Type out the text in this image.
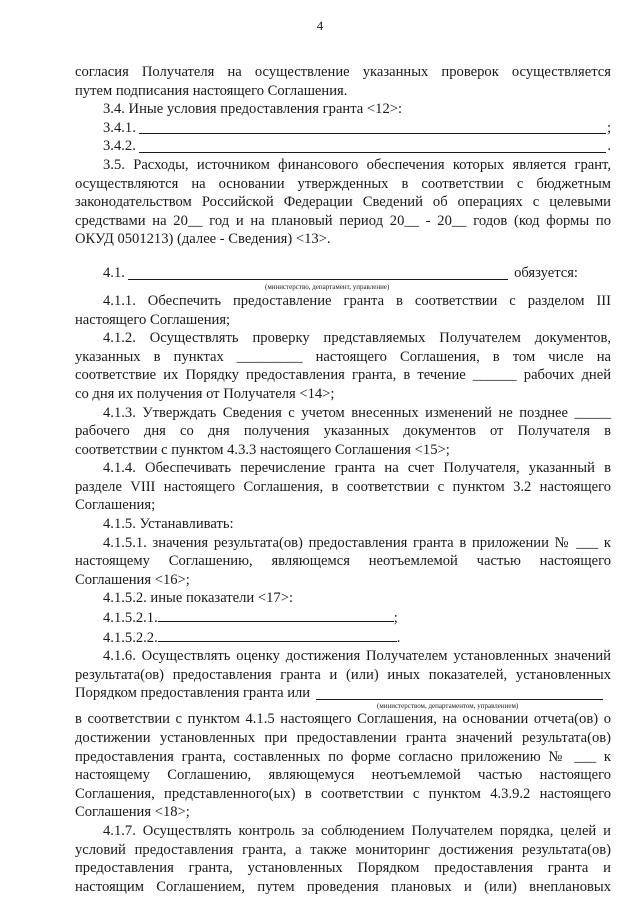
4

согласия Получателя на осуществление указанных проверок осуществляется

путем подписания настоящего Соглашения.

3.4. Иные условия предоставления гранта <12>:

3.4.1.	;
3.4.2.	.

3.5. Расходы, источником финансового обеспечения которых является грант,

осуществляются на основании утвержденных в соответствии с бюджетным

законодательством Российской Федерации Сведений об операциях с целевыми

средствами на 20__ год и на плановый период 20__ - 20__ годов (код формы по

ОКУД 0501213) (далее - Сведения) <13>.

4.1.	обязуется:
(министерство, департамент, управление)

4.1.1. Обеспечить предоставление гранта в соответствии с разделом III

настоящего Соглашения;

4.1.2. Осуществлять проверку представляемых Получателем документов,

указанных в пунктах _________ настоящего Соглашения, в том числе на

соответствие их Порядку предоставления гранта, в течение ______ рабочих дней

со дня их получения от Получателя <14>;

4.1.3. Утверждать Сведения с учетом внесенных изменений не позднее _____

рабочего дня со дня получения указанных документов от Получателя в

соответствии с пунктом 4.3.3 настоящего Соглашения <15>;

4.1.4. Обеспечивать перечисление гранта на счет Получателя, указанный в

разделе VIII настоящего Соглашения, в соответствии с пунктом 3.2 настоящего

Соглашения;

4.1.5. Устанавливать:

4.1.5.1. значения результата(ов) предоставления гранта в приложении № ___ к

настоящему Соглашению, являющемся неотъемлемой частью настоящего

Соглашения <16>;

4.1.5.2. иные показатели <17>:

4.1.5.2.1.	;
4.1.5.2.2.	.

4.1.6. Осуществлять оценку достижения Получателем установленных значений

результата(ов) предоставления гранта и (или) иных показателей, установленных

Порядком предоставления гранта или
(министерством, департаментом, управлением)

в соответствии с пунктом 4.1.5 настоящего Соглашения, на основании отчета(ов) о

достижении установленных при предоставлении гранта значений результата(ов)

предоставления гранта, составленных по форме согласно приложению № ___ к

настоящему Соглашению, являющемуся неотъемлемой частью настоящего

Соглашения, представленного(ых) в соответствии с пунктом 4.3.9.2 настоящего

Соглашения <18>;

4.1.7. Осуществлять контроль за соблюдением Получателем порядка, целей и

условий предоставления гранта, а также мониторинг достижения результата(ов)

предоставления гранта, установленных Порядком предоставления гранта и

настоящим Соглашением, путем проведения плановых и (или) внеплановых
